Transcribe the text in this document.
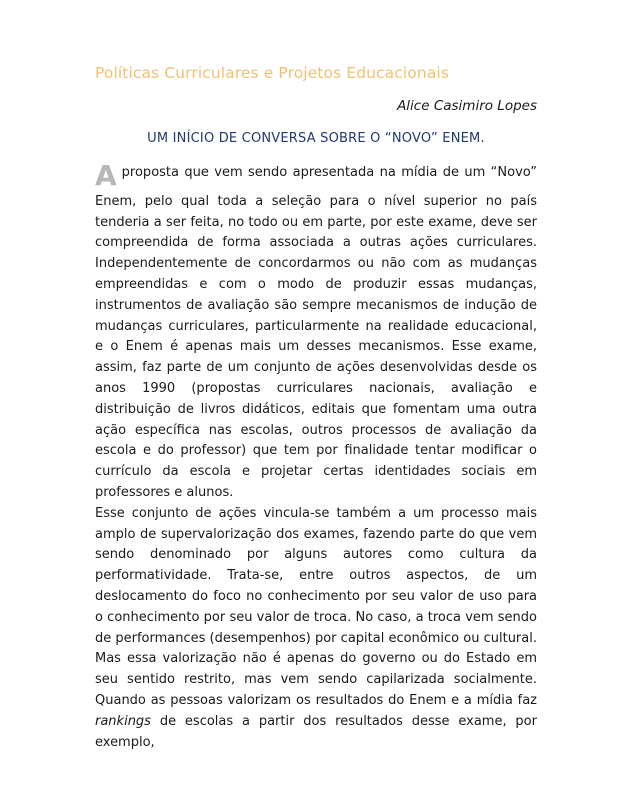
Políticas Curriculares e Projetos Educacionais

Alice Casimiro Lopes

UM INÍCIO DE CONVERSA SOBRE O “NOVO” ENEM.
A proposta que vem sendo apresentada na mídia de um “Novo”
Enem, pelo qual toda a seleção para o nível superior no país tenderia a ser feita, no todo ou em parte, por este exame, deve ser compreendida de forma associada a outras ações curriculares. Independentemente de concordarmos ou não com as mudanças empreendidas e com o modo de produzir essas mudanças, instrumentos de avaliação são sempre mecanismos de indução de mudanças curriculares, particularmente na realidade educacional, e o Enem é apenas mais um desses mecanismos. Esse exame, assim, faz parte de um conjunto de ações desenvolvidas desde os anos 1990 (propostas curriculares nacionais, avaliação e distribuição de livros didáticos, editais que fomentam uma outra ação específica nas escolas, outros processos de avaliação da escola e do professor) que tem por finalidade tentar modificar o currículo da escola e projetar certas identidades sociais em professores e alunos.

Esse conjunto de ações vincula-se também a um processo mais amplo de supervalorização dos exames, fazendo parte do que vem sendo denominado por alguns autores como cultura da performatividade. Trata-se, entre outros aspectos, de um deslocamento do foco no conhecimento por seu valor de uso para o conhecimento por seu valor de troca. No caso, a troca vem sendo de performances (desempenhos) por capital econômico ou cultural. Mas essa valorização não é apenas do governo ou do Estado em seu sentido restrito, mas vem sendo capilarizada socialmente. Quando as pessoas valorizam os resultados do Enem e a mídia faz rankings de escolas a partir dos resultados desse exame, por exemplo,
